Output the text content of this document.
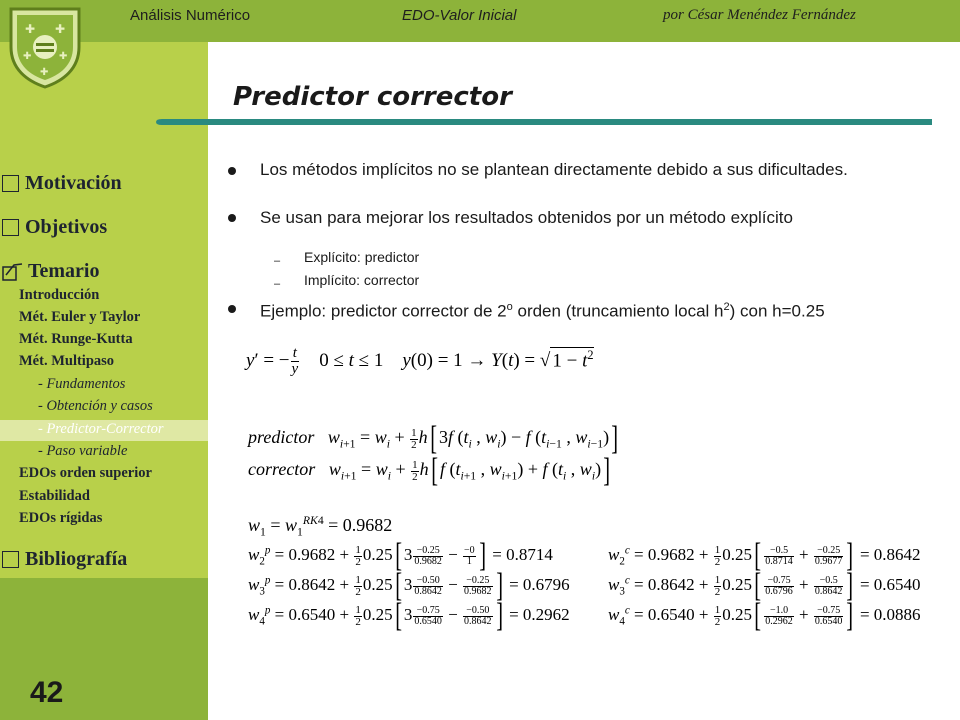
✚ ✚
✚	✚
✚
Análisis Numérico	EDO-Valor Inicial	por César Menéndez Fernández
Predictor corrector
Motivación
Objetivos
Temario
Introducción
Mét. Euler y Taylor
Mét. Runge-Kutta
Mét. Multipaso
- Fundamentos
- Obtención y casos
- Predictor-Corrector
- Paso variable
EDOs orden superior
Estabilidad
EDOs rígidas
Bibliografía
42
Los métodos implícitos no se plantean directamente debido a sus dificultades.
Se usan para mejorar los resultados obtenidos por un método explícito
– Explícito: predictor
– Implícito: corrector
Ejemplo: predictor corrector de 2$^o$ orden (truncamiento local $h^2$) con h=0.25
y′ = − $\frac{t}{y} 0 \le t \le 1$    y(0) = 1 → Y(t) = √ $1 - t^2$
predictor $w_{i+1} = w_i + \frac{1}{2} h$[ 3f ($t_i$ , $w_i) - f$ ($t_{i-1}$ , $w_{i-1}$)]
corrector $w_{i+1} = w_i + \frac{1}{2} h$[ f ($t_{i+1}$ , $w_{i+1}) + f$ ($t_i$ , $w_i$)]
$w_1 = w_1^{RK4} = 0.9682$
$w_2^p = 0.9682 + \frac{1}{2} 0.25$[ $3 \frac{-0.25}{0.9682} - \frac{-0}{1}$ ] = 0.8714
$w_3^p = 0.8642 + \frac{1}{2} 0.25$[ $3 \frac{-0.50}{0.8642} - \frac{-0.25}{0.9682}$ ] = 0.6796
$w_4^p = 0.6540 + \frac{1}{2} 0.25$[ $3 \frac{-0.75}{0.6540} - \frac{-0.50}{0.8642}$ ] = 0.2962
$w_2^c = 0.9682 + \frac{1}{2} 0.25[ \frac{-0.5}{0.8714} + \frac{-0.25}{0.9677}$ ] = 0.8642
$w_3^c = 0.8642 + \frac{1}{2} 0.25[ \frac{-0.75}{0.6796} + \frac{-0.5}{0.8642}$ ] = 0.6540
$w_4^c = 0.6540 + \frac{1}{2} 0.25[ \frac{-1.0}{0.2962} + \frac{-0.75}{0.6540}$ ] = 0.0886
